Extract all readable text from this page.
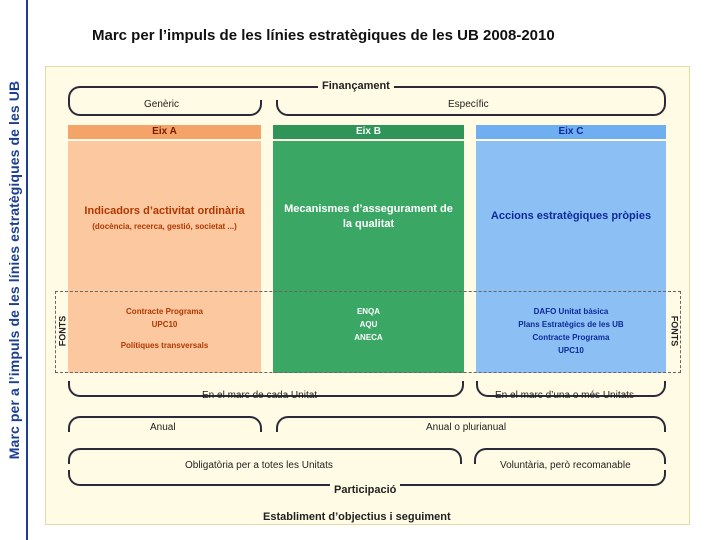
Marc per a l’impuls de les línies estratègiques de les UB
Marc per l’impuls de les línies estratègiques de les UB 2008-2010
Finançament
Genèric	Específic
Eix A	Eix B	Eix C
Indicadors d’activitat ordinària
(docència, recerca, gestió, societat ...)
Mecanismes d’assegurament de la qualitat
Accions estratègiques pròpies
FONTS	FONTS
Contracte Programa
UPC10
Polítiques transversals
ENQA
AQU
ANECA
DAFO Unitat bàsica
Plans Estratègics de les UB
Contracte Programa
UPC10
En el marc de cada Unitat	En el marc d’una o més Unitats
Anual	Anual o plurianual
Obligatòria per a totes les Unitats	Voluntària, però recomanable
Participació
Establiment d’objectius i seguiment
